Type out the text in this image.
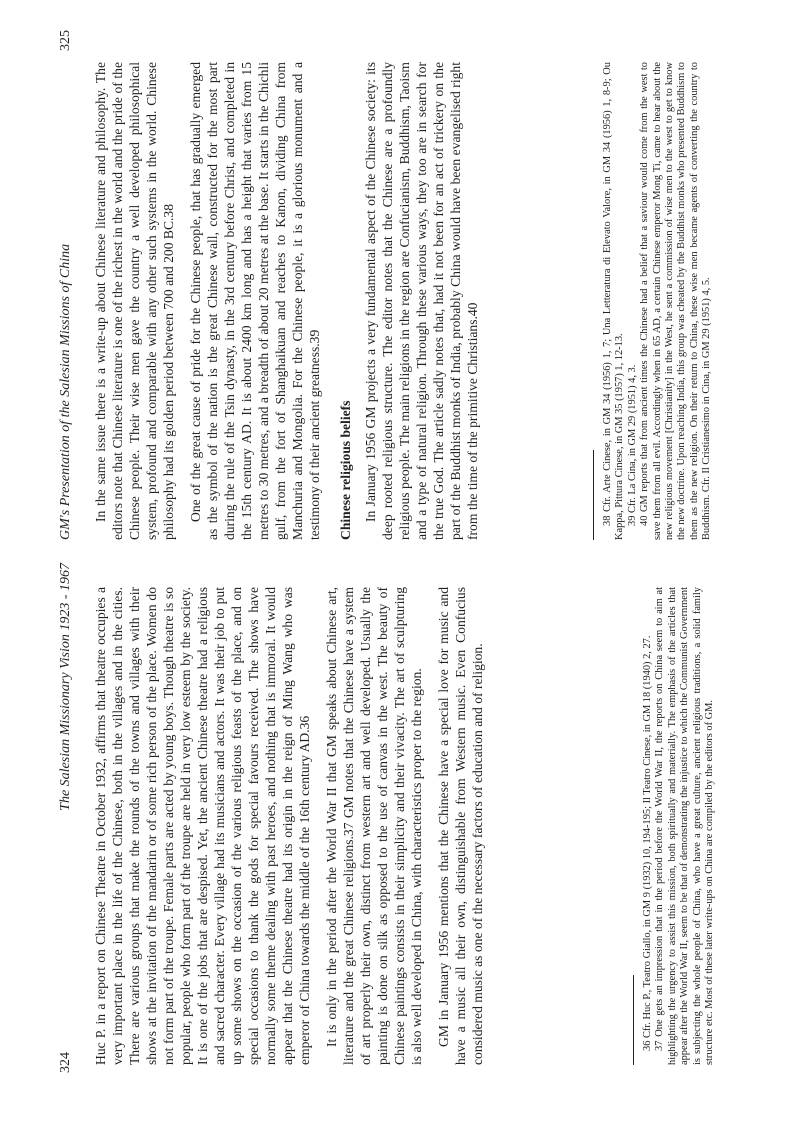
324
The Salesian Missionary Vision 1923 - 1967 Huc P. in a report on Chinese Theatre in October 1932, affirms that theatre occupies a very important place in the life of the Chinese, both in the villages and in the cities. There are various groups that make the rounds of the towns and villages with their shows at the invitation of the mandarin or of some rich person of the place. Women do not form part of the troupe. Female parts are acted by young boys. Though theatre is so popular, people who form part of the troupe are held in very low esteem by the society. It is one of the jobs that are despised. Yet, the ancient Chinese theatre had a religious and sacred character. Every village had its musicians and actors. It was their job to put up some shows on the occasion of the various religious feasts of the place, and on special occasions to thank the gods for special favours received. The shows have normally some theme dealing with past heroes, and nothing that is immoral. It would appear that the Chinese theatre had its origin in the reign of Ming Wang who was emperor of China towards the middle of the 16th century AD.36 It is only in the period after the World War II that GM speaks about Chinese art, literature and the great Chinese religions.37 GM notes that the Chinese have a system of art properly their own, distinct from western art and well developed. Usually the painting is done on silk as opposed to the use of canvas in the west. The beauty of Chinese paintings consists in their simplicity and their vivacity. The art of sculpturing is also well developed in China, with characteristics proper to the region. GM in January 1956 mentions that the Chinese have a special love for music and have a music all their own, distinguishable from Western music. Even Confucius considered music as one of the necessary factors of education and of religion.	36 Cfr. Huc P., Teatro Giallo, in GM 9 (1932) 10, 194-195; Il Teatro Cinese, in GM 18 (1940) 2, 27. 37 One gets an impression that in the period before the World War II, the reports on China seem to aim at highlighting the urgency to assist this mission, both spiritually and materially. The emphasis of the articles that appear after the World War II, seem to be that of demonstrating the injustice to which the Communist Government is subjecting the whole people of China, who have a great culture, ancient religious traditions, a solid family structure etc. Most of these later write-ups on China are compiled by the editors of GM.

GM's Presentation of the Salesian Missions of China
325

In the same issue there is a write-up about Chinese literature and philosophy. The editors note that Chinese literature is one of the richest in the world and the pride of the Chinese people. Their wise men gave the country a well developed philosophical system, profound and comparable with any other such systems in the world. Chinese philosophy had its golden period between 700 and 200 BC.38 One of the great cause of pride for the Chinese people, that has gradually emerged as the symbol of the nation is the great Chinese wall, constructed for the most part during the rule of the Tsin dynasty, in the 3rd century before Christ, and completed in the 15th century AD. It is about 2400 km long and has a height that varies from 15 metres to 30 metres, and a breadth of about 20 metres at the base. It starts in the Chichli gulf, from the fort of Shanghaikuan and reaches to Kanon, dividing China from Manchuria and Mongolia. For the Chinese people, it is a glorious monument and a testimony of their ancient greatness.39 Chinese religious beliefs In January 1956 GM projects a very fundamental aspect of the Chinese society: its deep rooted religious structure. The editor notes that the Chinese are a profoundly religious people. The main religions in the region are Confucianism, Buddhism, Taoism and a type of natural religion. Through these various ways, they too are in search for the true God. The article sadly notes that, had it not been for an act of trickery on the part of the Buddhist monks of India, probably China would have been evangelised right from the time of the primitive Christians.40	38 Cfr. Arte Cinese, in GM 34 (1956) 1, 7; Una Letteratura di Elevato Valore, in GM 34 (1956) 1, 8-9; Ou Kappa, Pittura Cinese, in GM 35 (1957) 1, 12-13. 39 Cfr. La Cina, in GM 29 (1951) 4, 3. 40 GM reports that from ancient times the Chinese had a belief that a saviour would come from the west to save them from all evil. Accordingly when in 65 AD, a certain Chinese emperor Mong Ti, came to hear about the new religious movement [Christianity] in the West, he sent a commission of wise men to the west to get to know the new doctrine. Upon reaching India, this group was cheated by the Buddhist monks who presented Buddhism to them as the new religion. On their return to China, these wise men became agents of converting the country to Buddhism. Cfr. Il Cristianesimo in Cina, in GM 29 (1951) 4, 5.
